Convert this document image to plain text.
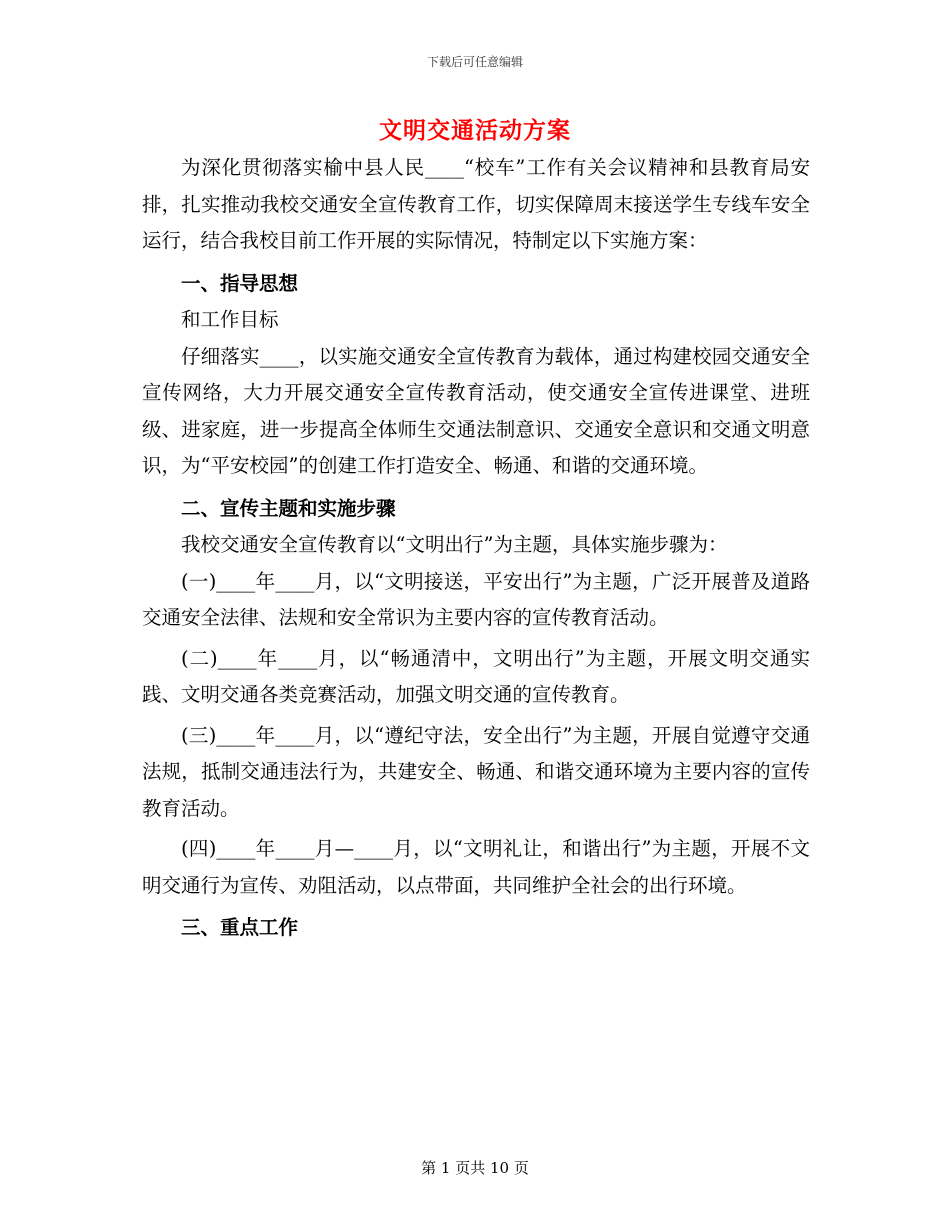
下载后可任意编辑
文明交通活动方案

为深化贯彻落实榆中县人民____“校车”工作有关会议精神和县教育局安排，扎实推动我校交通安全宣传教育工作，切实保障周末接送学生专线车安全运行，结合我校目前工作开展的实际情况，特制定以下实施方案：

一、指导思想

和工作目标

仔细落实____，以实施交通安全宣传教育为载体，通过构建校园交通安全宣传网络，大力开展交通安全宣传教育活动，使交通安全宣传进课堂、进班级、进家庭，进一步提高全体师生交通法制意识、交通安全意识和交通文明意识，为“平安校园”的创建工作打造安全、畅通、和谐的交通环境。

二、宣传主题和实施步骤

我校交通安全宣传教育以“文明出行”为主题，具体实施步骤为：

(一)____年____月，以“文明接送，平安出行”为主题，广泛开展普及道路交通安全法律、法规和安全常识为主要内容的宣传教育活动。

(二)____年____月，以“畅通清中，文明出行”为主题，开展文明交通实践、文明交通各类竞赛活动，加强文明交通的宣传教育。

(三)____年____月，以“遵纪守法，安全出行”为主题，开展自觉遵守交通法规，抵制交通违法行为，共建安全、畅通、和谐交通环境为主要内容的宣传教育活动。

(四)____年____月—____月，以“文明礼让，和谐出行”为主题，开展不文明交通行为宣传、劝阻活动，以点带面，共同维护全社会的出行环境。

三、重点工作

第 1 页共 10 页
